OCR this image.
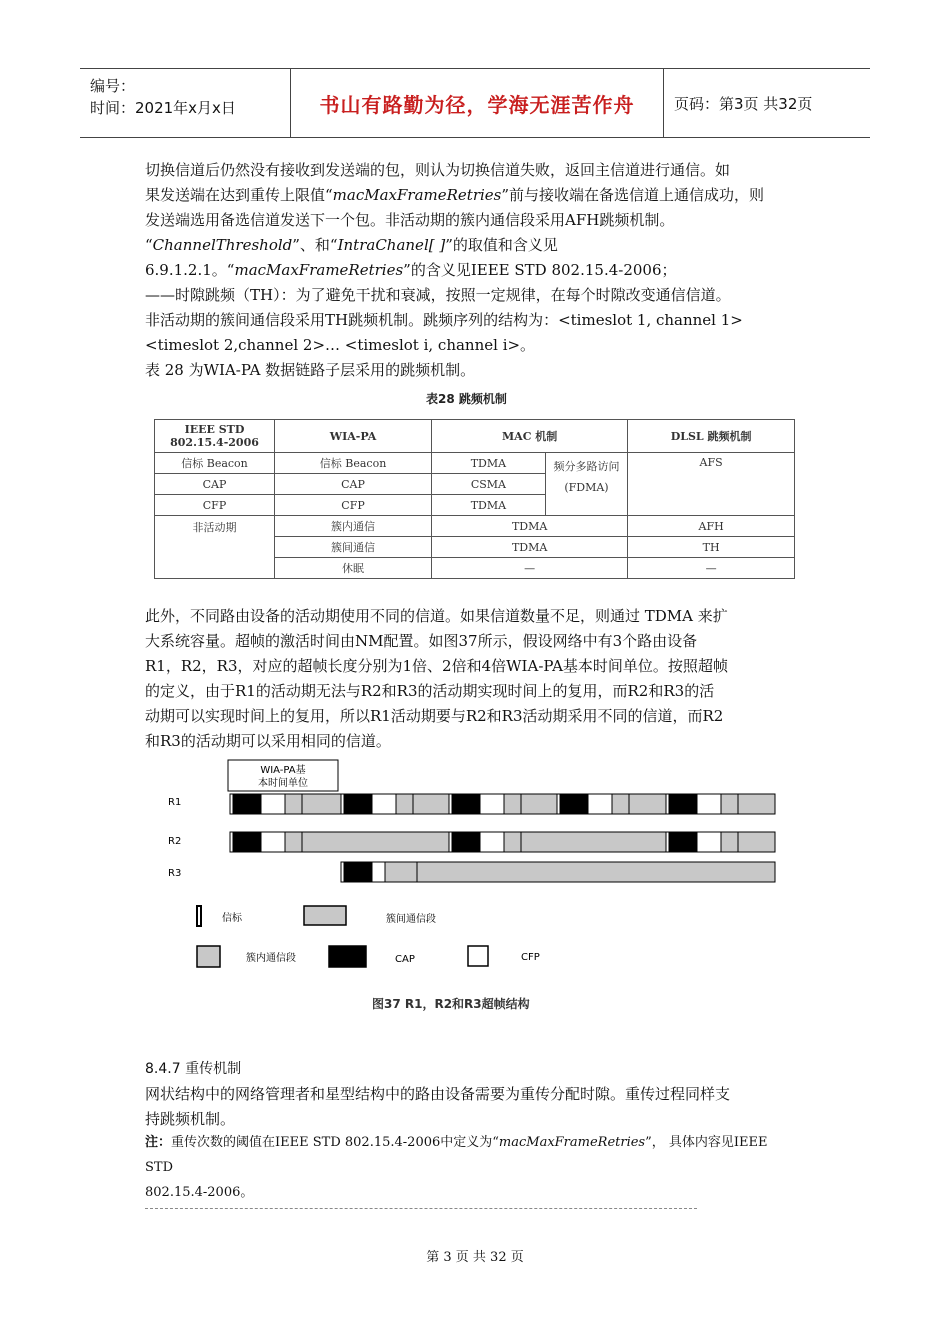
编号：
时间：2021年x月x日	书山有路勤为径，学海无涯苦作舟	页码：第3页 共32页
切换信道后仍然没有接收到发送端的包，则认为切换信道失败，返回主信道进行通信。如
果发送端在达到重传上限值“macMaxFrameRetries”前与接收端在备选信道上通信成功，则
发送端选用备选信道发送下一个包。非活动期的簇内通信段采用AFH跳频机制。
“ChannelThreshold”、和“IntraChanel[ ]”的取值和含义见
6.9.1.2.1。“macMaxFrameRetries”的含义见IEEE STD 802.15.4-2006；
——时隙跳频（TH）：为了避免干扰和衰减，按照一定规律，在每个时隙改变通信信道。
非活动期的簇间通信段采用TH跳频机制。跳频序列的结构为：<timeslot 1, channel 1>
<timeslot 2,channel 2>… <timeslot i, channel i>。
表 28 为WIA-PA 数据链路子层采用的跳频机制。
表28 跳频机制
IEEE STD
802.15.4-2006	WIA-PA	MAC 机制		DLSL 跳频机制
信标 Beacon	信标 Beacon	TDMA	频分多路访问(FDMA)	AFS
CAP	CAP	CSMA		
CFP	CFP	TDMA		
非活动期	簇内通信	TDMA		AFH
	簇间通信	TDMA		TH
	休眠	—		—
此外，不同路由设备的活动期使用不同的信道。如果信道数量不足，则通过 TDMA 来扩
大系统容量。超帧的激活时间由NM配置。如图37所示，假设网络中有3个路由设备
R1，R2，R3，对应的超帧长度分别为1倍、2倍和4倍WIA-PA基本时间单位。按照超帧
的定义，由于R1的活动期无法与R2和R3的活动期实现时间上的复用，而R2和R3的活
动期可以实现时间上的复用，所以R1活动期要与R2和R3活动期采用不同的信道，而R2
和R3的活动期可以采用相同的信道。
WIA-PA基
本时间单位
R1
R2
R3
信标	簇间通信段
簇内通信段	CAP	CFP
图37 R1，R2和R3超帧结构
8.4.7 重传机制
网状结构中的网络管理者和星型结构中的路由设备需要为重传分配时隙。重传过程同样支
持跳频机制。
注：重传次数的阈值在IEEE STD 802.15.4-2006中定义为“macMaxFrameRetries”， 具体内容见IEEE
STD
802.15.4-2006。
第 3 页 共 32 页
